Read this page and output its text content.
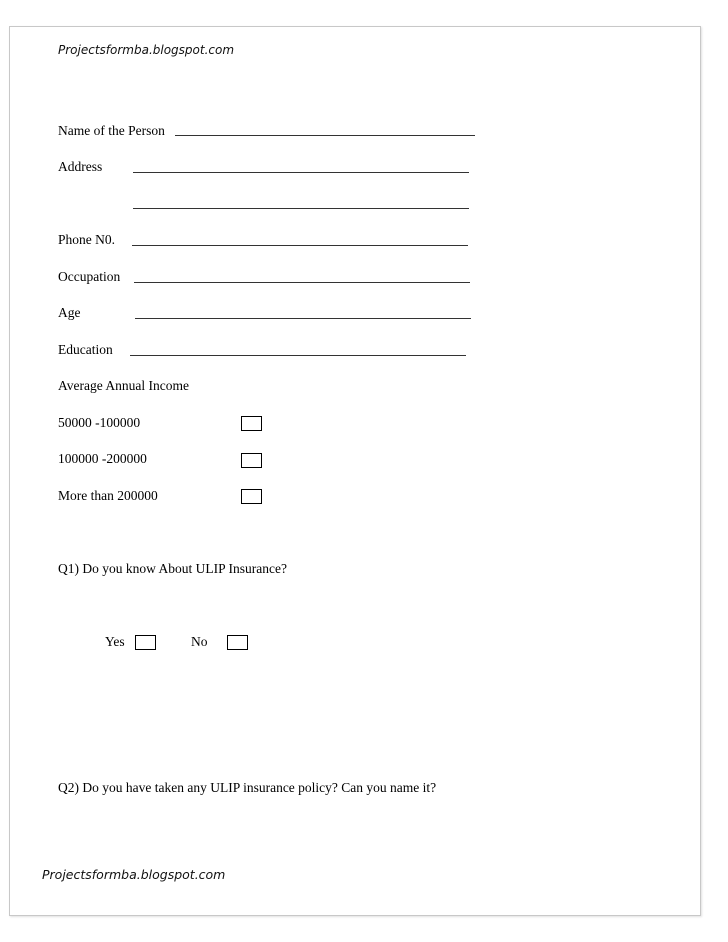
Projectsformba.blogspot.com
Name of the Person
Address
Phone N0.
Occupation
Age
Education
Average Annual Income
50000 -100000
100000 -200000
More than 200000
Q1) Do you know About ULIP Insurance?
Yes	No
Q2) Do you have taken any ULIP insurance policy? Can you name it?
Projectsformba.blogspot.com
